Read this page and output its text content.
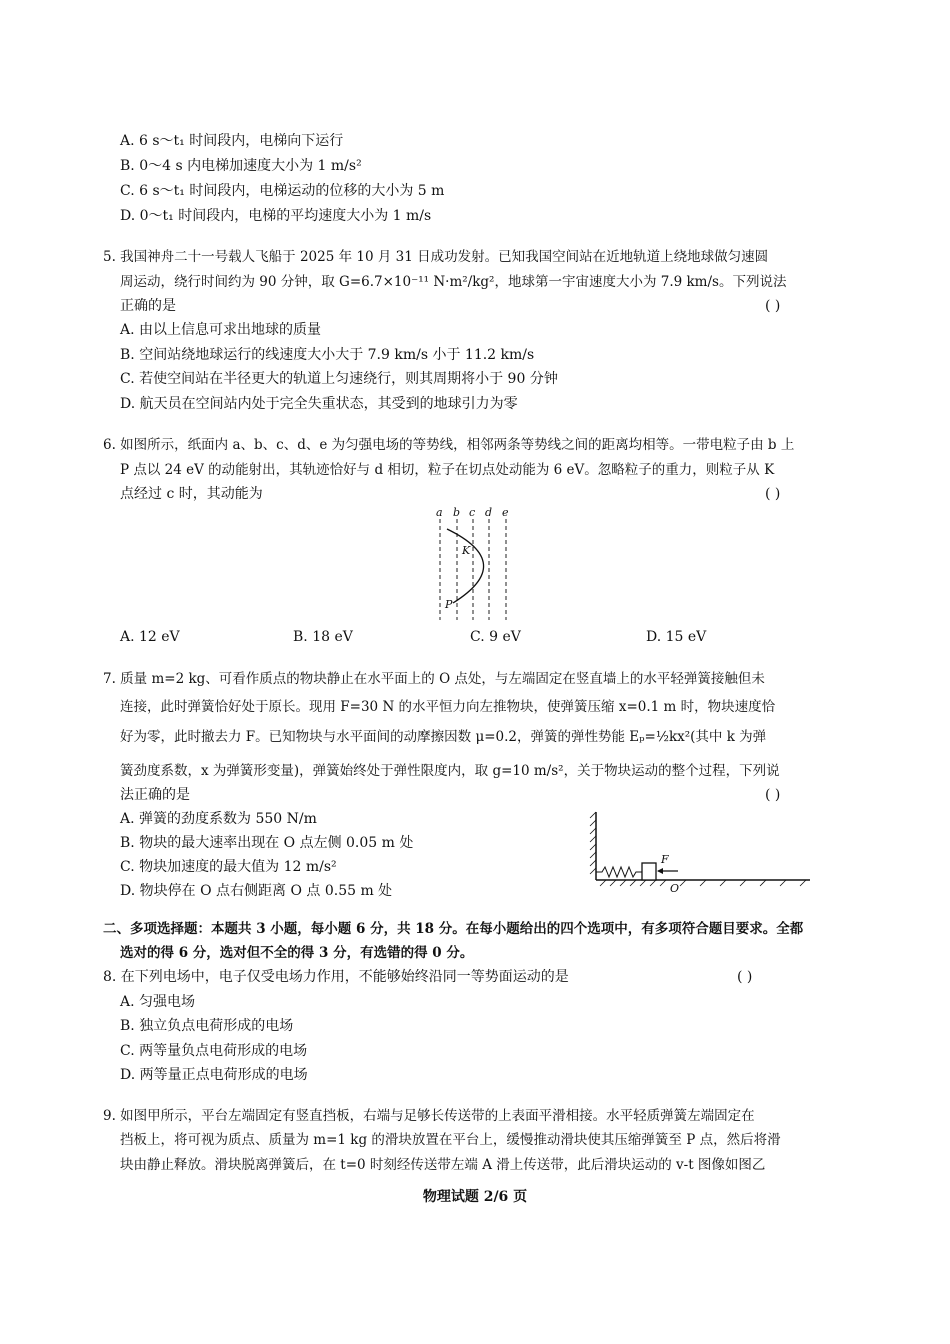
A. 6 s～t₁ 时间段内，电梯向下运行
B. 0～4 s 内电梯加速度大小为 1 m/s²
C. 6 s～t₁ 时间段内，电梯运动的位移的大小为 5 m
D. 0～t₁ 时间段内，电梯的平均速度大小为 1 m/s
5. 我国神舟二十一号载人飞船于 2025 年 10 月 31 日成功发射。已知我国空间站在近地轨道上绕地球做匀速圆
周运动，绕行时间约为 90 分钟，取 G=6.7×10⁻¹¹ N·m²/kg²，地球第一宇宙速度大小为 7.9 km/s。下列说法
正确的是	( )
A. 由以上信息可求出地球的质量
B. 空间站绕地球运行的线速度大小大于 7.9 km/s 小于 11.2 km/s
C. 若使空间站在半径更大的轨道上匀速绕行，则其周期将小于 90 分钟
D. 航天员在空间站内处于完全失重状态，其受到的地球引力为零
6. 如图所示，纸面内 a、b、c、d、e 为匀强电场的等势线，相邻两条等势线之间的距离均相等。一带电粒子由 b 上
P 点以 24 eV 的动能射出，其轨迹恰好与 d 相切，粒子在切点处动能为 6 eV。忽略粒子的重力，则粒子从 K
点经过 c 时，其动能为	( )
a b c d e
K
P
A. 12 eV	B. 18 eV	C. 9 eV	D. 15 eV
7. 质量 m=2 kg、可看作质点的物块静止在水平面上的 O 点处，与左端固定在竖直墙上的水平轻弹簧接触但未
连接，此时弹簧恰好处于原长。现用 F=30 N 的水平恒力向左推物块，使弹簧压缩 x=0.1 m 时，物块速度恰
好为零，此时撤去力 F。已知物块与水平面间的动摩擦因数 μ=0.2，弹簧的弹性势能 Eₚ=½kx²(其中 k 为弹
簧劲度系数，x 为弹簧形变量)，弹簧始终处于弹性限度内，取 g=10 m/s²，关于物块运动的整个过程，下列说
法正确的是	( )
A. 弹簧的劲度系数为 550 N/m
B. 物块的最大速率出现在 O 点左侧 0.05 m 处
C. 物块加速度的最大值为 12 m/s²
D. 物块停在 O 点右侧距离 O 点 0.55 m 处
F
O
二、多项选择题：本题共 3 小题，每小题 6 分，共 18 分。在每小题给出的四个选项中，有多项符合题目要求。全都
选对的得 6 分，选对但不全的得 3 分，有选错的得 0 分。
8. 在下列电场中，电子仅受电场力作用，不能够始终沿同一等势面运动的是	( )
A. 匀强电场
B. 独立负点电荷形成的电场
C. 两等量负点电荷形成的电场
D. 两等量正点电荷形成的电场
9. 如图甲所示，平台左端固定有竖直挡板，右端与足够长传送带的上表面平滑相接。水平轻质弹簧左端固定在
挡板上，将可视为质点、质量为 m=1 kg 的滑块放置在平台上，缓慢推动滑块使其压缩弹簧至 P 点，然后将滑
块由静止释放。滑块脱离弹簧后，在 t=0 时刻经传送带左端 A 滑上传送带，此后滑块运动的 v-t 图像如图乙
物理试题 2/6 页
